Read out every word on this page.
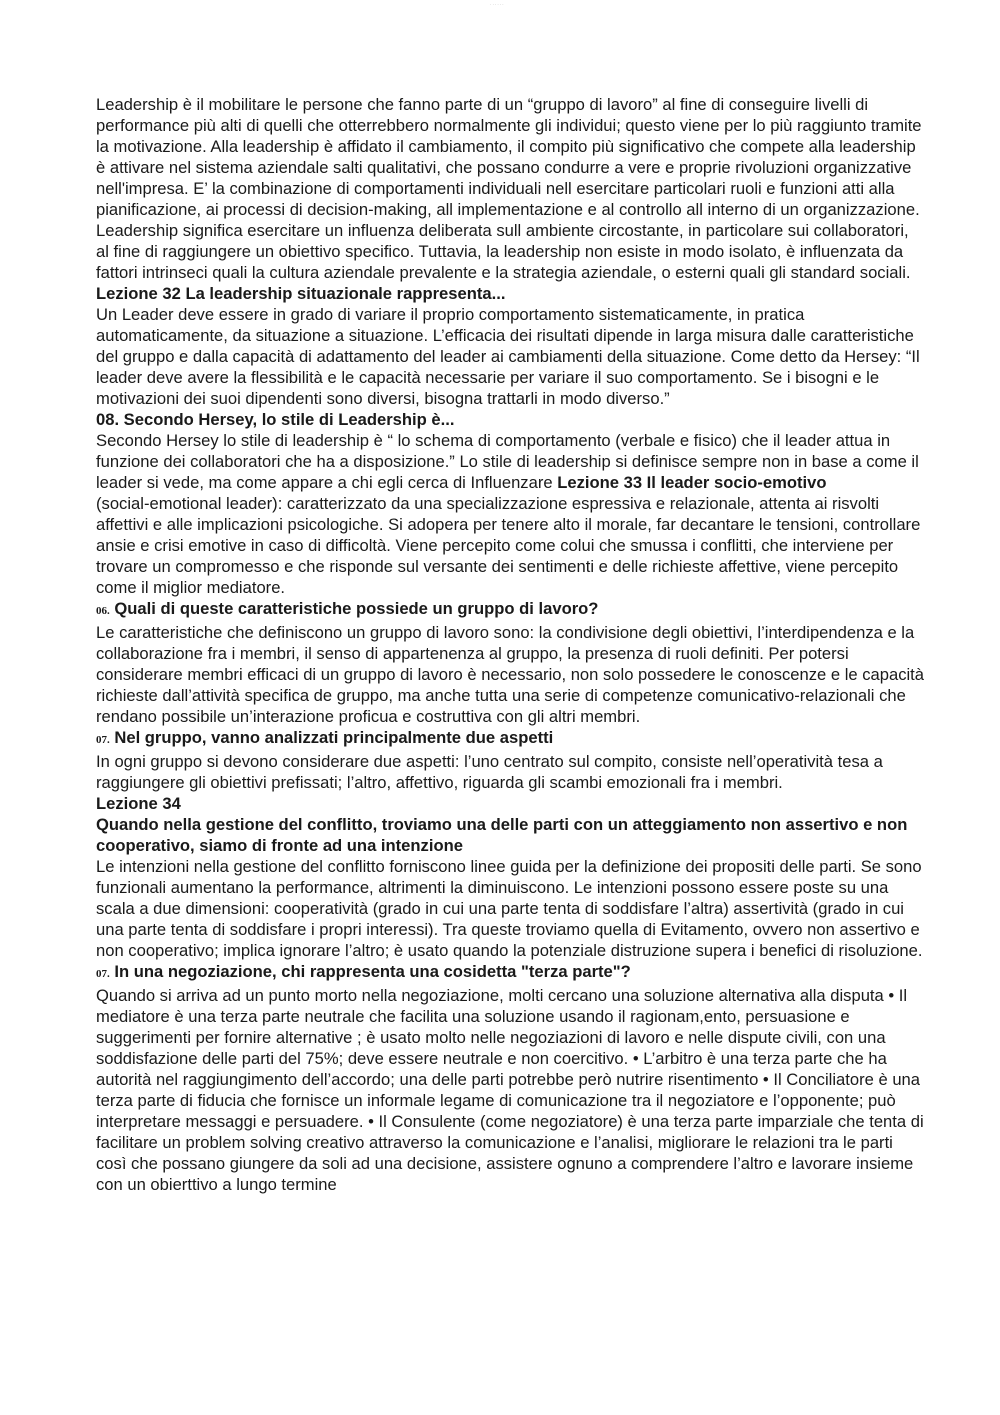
· · · · · ·

Leadership è il mobilitare le persone che fanno parte di un “gruppo di lavoro” al fine di conseguire livelli di performance più alti di quelli che otterrebbero normalmente gli individui; questo viene per lo più raggiunto tramite la motivazione. Alla leadership è affidato il cambiamento, il compito più significativo che compete alla leadership è attivare nel sistema aziendale salti qualitativi, che possano condurre a vere e proprie rivoluzioni organizzative nell'impresa. E’ la combinazione di comportamenti individuali nell esercitare particolari ruoli e funzioni atti alla pianificazione, ai processi di decision-making, all implementazione e al controllo all interno di un organizzazione. Leadership significa esercitare un influenza deliberata sull ambiente circostante, in particolare sui collaboratori, al fine di raggiungere un obiettivo specifico. Tuttavia, la leadership non esiste in modo isolato, è influenzata da fattori intrinseci quali la cultura aziendale prevalente e la strategia aziendale, o esterni quali gli standard sociali.

Lezione 32 La leadership situazionale rappresenta...

Un Leader deve essere in grado di variare il proprio comportamento sistematicamente, in pratica automaticamente, da situazione a situazione. L’efficacia dei risultati dipende in larga misura dalle caratteristiche del gruppo e dalla capacità di adattamento del leader ai cambiamenti della situazione. Come detto da Hersey: “Il leader deve avere la flessibilità e le capacità necessarie per variare il suo comportamento. Se i bisogni e le motivazioni dei suoi dipendenti sono diversi, bisogna trattarli in modo diverso.”

08. Secondo Hersey, lo stile di Leadership è...

Secondo Hersey lo stile di leadership è “ lo schema di comportamento (verbale e fisico) che il leader attua in funzione dei collaboratori che ha a disposizione.” Lo stile di leadership si definisce sempre non in base a come il leader si vede, ma come appare a chi egli cerca di Influenzare Lezione 33 Il leader socio-emotivo

(social-emotional leader): caratterizzato da una specializzazione espressiva e relazionale, attenta ai risvolti affettivi e alle implicazioni psicologiche. Si adopera per tenere alto il morale, far decantare le tensioni, controllare ansie e crisi emotive in caso di difficoltà. Viene percepito come colui che smussa i conflitti, che interviene per trovare un compromesso e che risponde sul versante dei sentimenti e delle richieste affettive, viene percepito come il miglior mediatore.

06. Quali di queste caratteristiche possiede un gruppo di lavoro?

Le caratteristiche che definiscono un gruppo di lavoro sono: la condivisione degli obiettivi, l’interdipendenza e la collaborazione fra i membri, il senso di appartenenza al gruppo, la presenza di ruoli definiti. Per potersi considerare membri efficaci di un gruppo di lavoro è necessario, non solo possedere le conoscenze e le capacità richieste dall’attività specifica de gruppo, ma anche tutta una serie di competenze comunicativo-relazionali che rendano possibile un’interazione proficua e costruttiva con gli altri membri.

07. Nel gruppo, vanno analizzati principalmente due aspetti

In ogni gruppo si devono considerare due aspetti: l’uno centrato sul compito, consiste nell’operatività tesa a raggiungere gli obiettivi prefissati; l’altro, affettivo, riguarda gli scambi emozionali fra i membri.

Lezione 34
Quando nella gestione del conflitto, troviamo una delle parti con un atteggiamento non assertivo e non cooperativo, siamo di fronte ad una intenzione

Le intenzioni nella gestione del conflitto forniscono linee guida per la definizione dei propositi delle parti. Se sono funzionali aumentano la performance, altrimenti la diminuiscono. Le intenzioni possono essere poste su una scala a due dimensioni: cooperatività (grado in cui una parte tenta di soddisfare l’altra) assertività (grado in cui una parte tenta di soddisfare i propri interessi). Tra queste troviamo quella di Evitamento, ovvero non assertivo e non cooperativo; implica ignorare l’altro; è usato quando la potenziale distruzione supera i benefici di risoluzione.

07. In una negoziazione, chi rappresenta una cosidetta "terza parte"?

Quando si arriva ad un punto morto nella negoziazione, molti cercano una soluzione alternativa alla disputa • Il mediatore è una terza parte neutrale che facilita una soluzione usando il ragionam,ento, persuasione e suggerimenti per fornire alternative ; è usato molto nelle negoziazioni di lavoro e nelle dispute civili, con una soddisfazione delle parti del 75%; deve essere neutrale e non coercitivo. • L’arbitro è una terza parte che ha autorità nel raggiungimento dell’accordo; una delle parti potrebbe però nutrire risentimento • Il Conciliatore è una terza parte di fiducia che fornisce un informale legame di comunicazione tra il negoziatore e l’opponente; può interpretare messaggi e persuadere. • Il Consulente (come negoziatore) è una terza parte imparziale che tenta di facilitare un problem solving creativo attraverso la comunicazione e l’analisi, migliorare le relazioni tra le parti così che possano giungere da soli ad una decisione, assistere ognuno a comprendere l’altro e lavorare insieme con un obierttivo a lungo termine
